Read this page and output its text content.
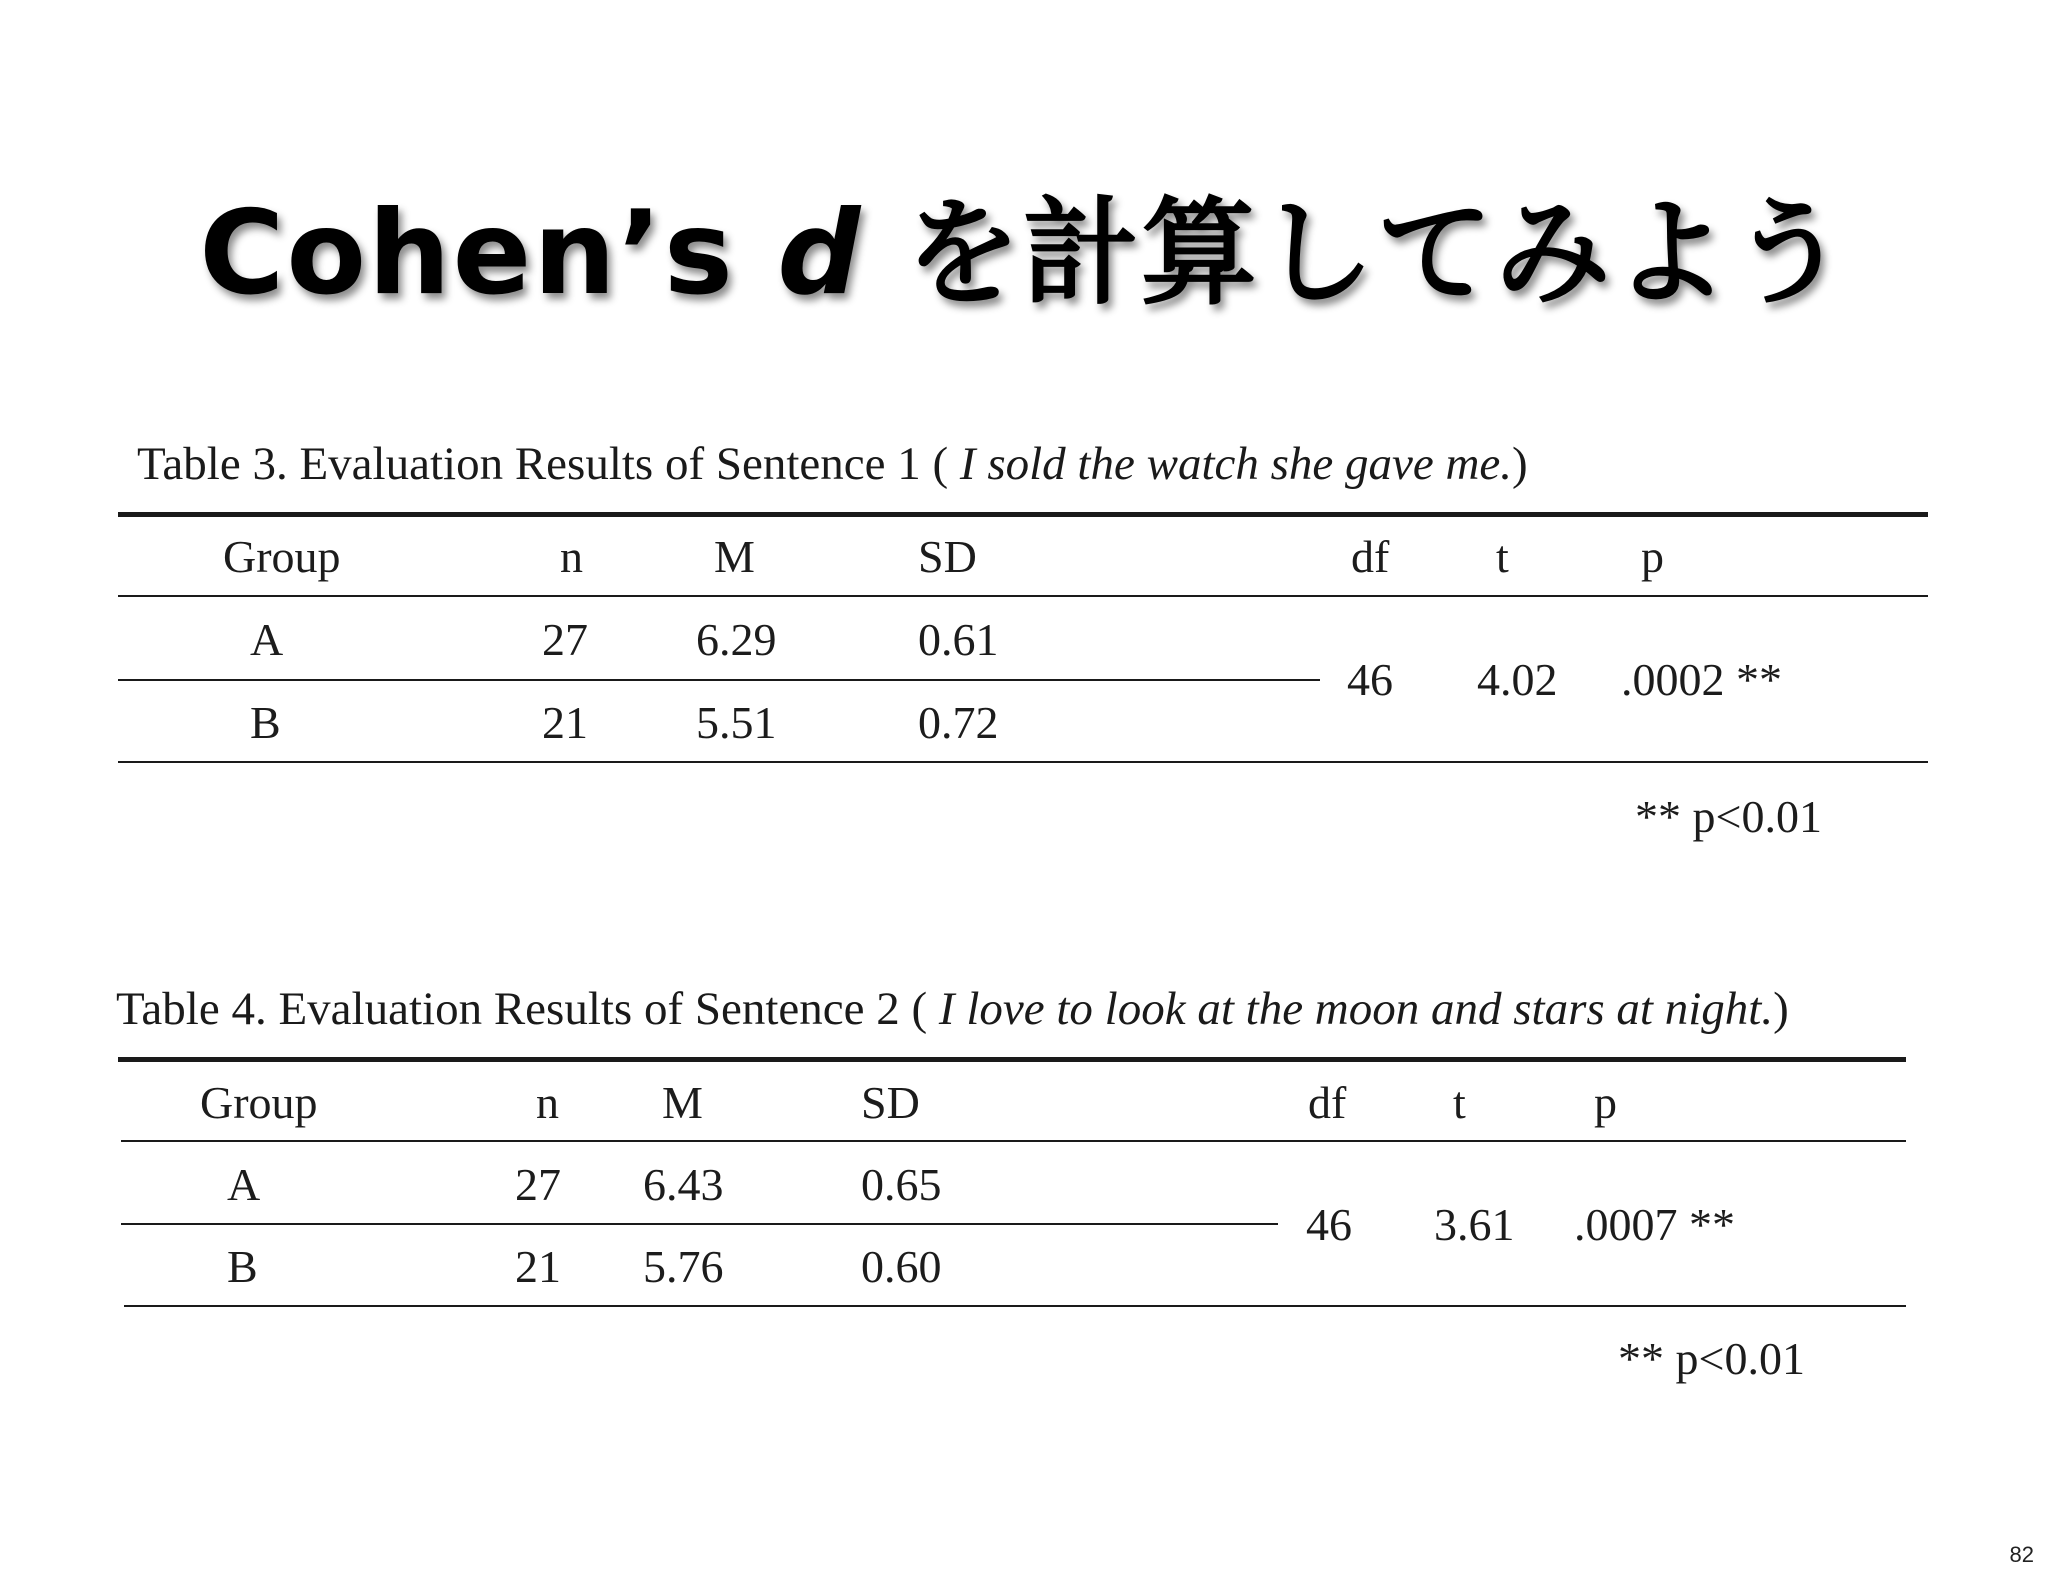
Cohen’s d を計算してみよう
Table 3. Evaluation Results of Sentence 1 ( I sold the watch she gave me.)
Group	n	M	SD	df t	p
A	27 6.29	0.61
46 4.02 .0002 **
B	21 5.51	0.72
** p<0.01
Table 4. Evaluation Results of Sentence 2 ( I love to look at the moon and stars at night.)
Group	n M	SD	df t	p
A	27 6.43	0.65
46 3.61 .0007 **
B	21 5.76	0.60
** p<0.01
82
